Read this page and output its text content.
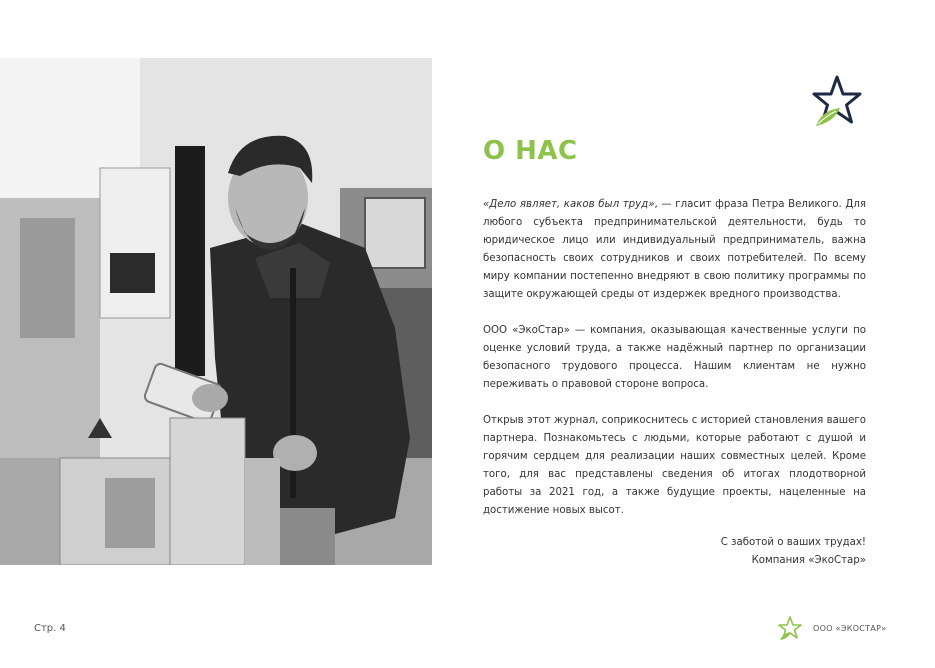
О НАС

«Дело являет, каков был труд», — гласит фраза Петра Великого. Для любого субъекта предпринимательской деятельности, будь то юридическое лицо или индивидуальный предприниматель, важна безопасность своих сотрудников и своих потребителей. По всему миру компании постепенно внедряют в свою политику программы по защите окружающей среды от издержек вредного производства.

ООО «ЭкоСтар» — компания, оказывающая качественные услуги по оценке условий труда, а также надёжный партнер по организации безопасного трудового процесса. Нашим клиентам не нужно переживать о правовой стороне вопроса.

Открыв этот журнал, соприкоснитесь с историей становления вашего партнера. Познакомьтесь с людьми, которые работают с душой и горячим сердцем для реализации наших совместных целей. Кроме того, для вас представлены сведения об итогах плодотворной работы за 2021 год, а также будущие проекты, нацеленные на достижение новых высот.

С заботой о ваших трудах!
Компания «ЭкоСтар»
Стр. 4	ООО «ЭКОСТАР»
